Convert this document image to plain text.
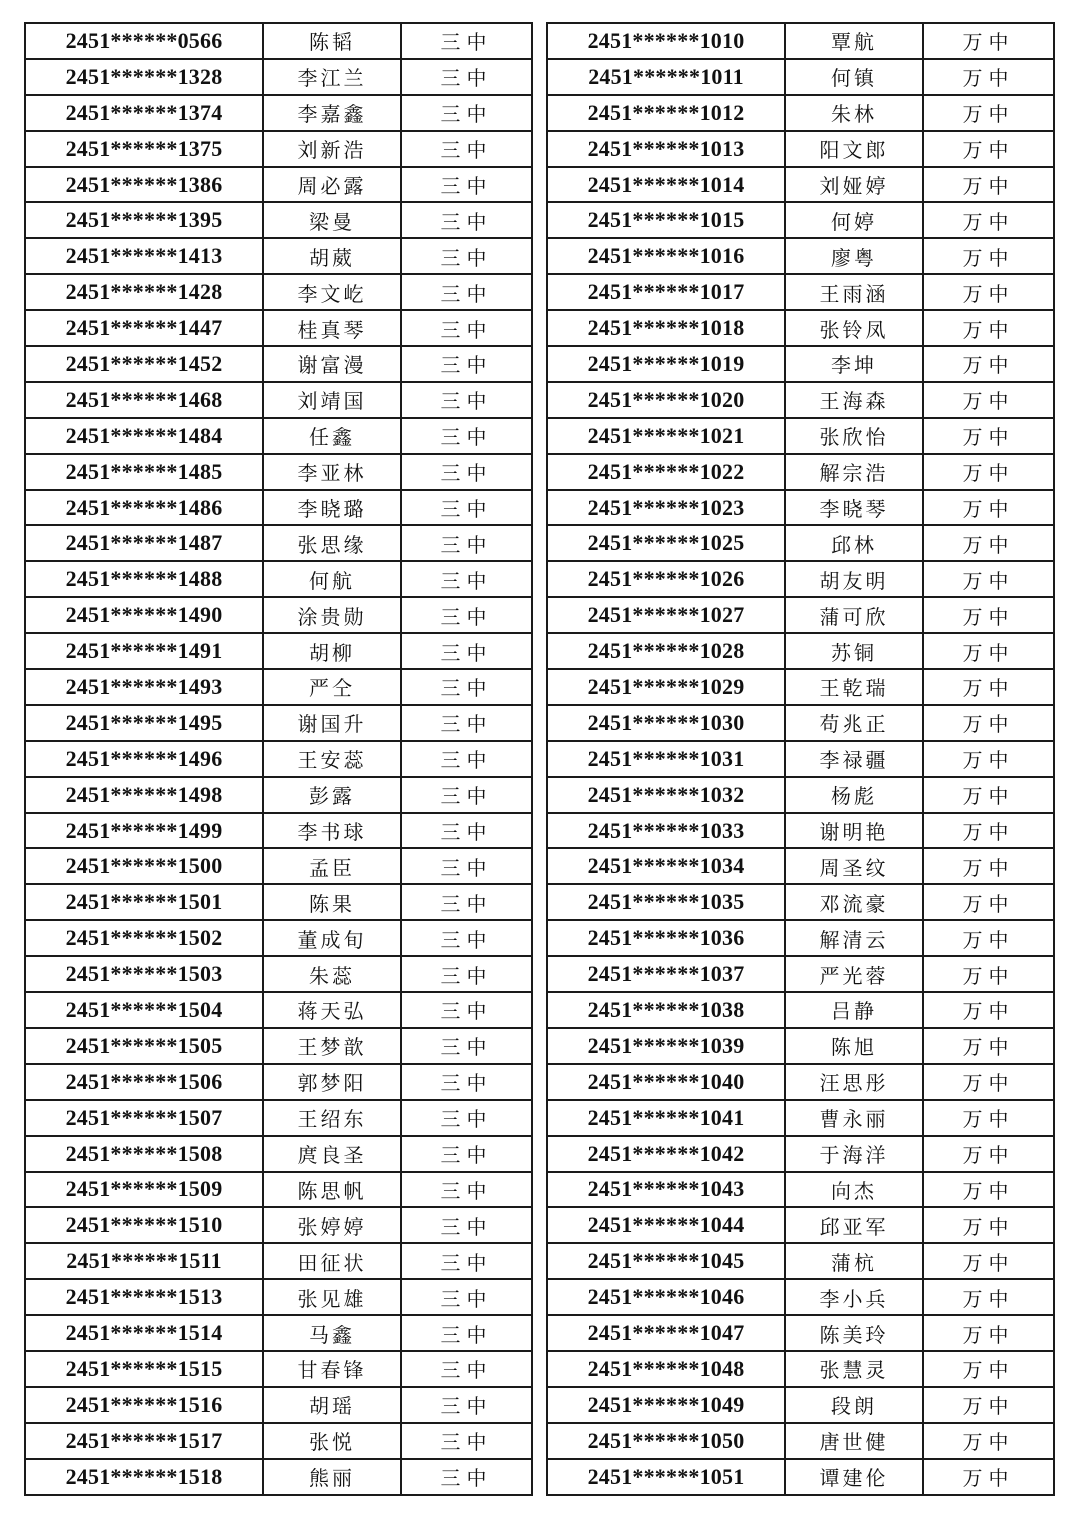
2451******0566	陈韬	三中
2451******1328	李江兰	三中
2451******1374	李嘉鑫	三中
2451******1375	刘新浩	三中
2451******1386	周必露	三中
2451******1395	梁曼	三中
2451******1413	胡葳	三中
2451******1428	李文屹	三中
2451******1447	桂真琴	三中
2451******1452	谢富漫	三中
2451******1468	刘靖国	三中
2451******1484	任鑫	三中
2451******1485	李亚林	三中
2451******1486	李晓璐	三中
2451******1487	张思缘	三中
2451******1488	何航	三中
2451******1490	涂贵勋	三中
2451******1491	胡柳	三中
2451******1493	严仝	三中
2451******1495	谢国升	三中
2451******1496	王安蕊	三中
2451******1498	彭露	三中
2451******1499	李书球	三中
2451******1500	孟臣	三中
2451******1501	陈果	三中
2451******1502	董成旬	三中
2451******1503	朱蕊	三中
2451******1504	蒋天弘	三中
2451******1505	王梦歆	三中
2451******1506	郭梦阳	三中
2451******1507	王绍东	三中
2451******1508	庹良圣	三中
2451******1509	陈思帆	三中
2451******1510	张婷婷	三中
2451******1511	田征状	三中
2451******1513	张见雄	三中
2451******1514	马鑫	三中
2451******1515	甘春锋	三中
2451******1516	胡瑶	三中
2451******1517	张悦	三中
2451******1518	熊丽	三中
2451******1010	覃航	万中
2451******1011	何镇	万中
2451******1012	朱林	万中
2451******1013	阳文郎	万中
2451******1014	刘娅婷	万中
2451******1015	何婷	万中
2451******1016	廖粤	万中
2451******1017	王雨涵	万中
2451******1018	张铃凤	万中
2451******1019	李坤	万中
2451******1020	王海森	万中
2451******1021	张欣怡	万中
2451******1022	解宗浩	万中
2451******1023	李晓琴	万中
2451******1025	邱林	万中
2451******1026	胡友明	万中
2451******1027	蒲可欣	万中
2451******1028	苏铜	万中
2451******1029	王乾瑞	万中
2451******1030	苟兆正	万中
2451******1031	李禄疆	万中
2451******1032	杨彪	万中
2451******1033	谢明艳	万中
2451******1034	周圣纹	万中
2451******1035	邓流豪	万中
2451******1036	解清云	万中
2451******1037	严光蓉	万中
2451******1038	吕静	万中
2451******1039	陈旭	万中
2451******1040	汪思彤	万中
2451******1041	曹永丽	万中
2451******1042	于海洋	万中
2451******1043	向杰	万中
2451******1044	邱亚军	万中
2451******1045	蒲杭	万中
2451******1046	李小兵	万中
2451******1047	陈美玲	万中
2451******1048	张慧灵	万中
2451******1049	段朗	万中
2451******1050	唐世健	万中
2451******1051	谭建伦	万中
